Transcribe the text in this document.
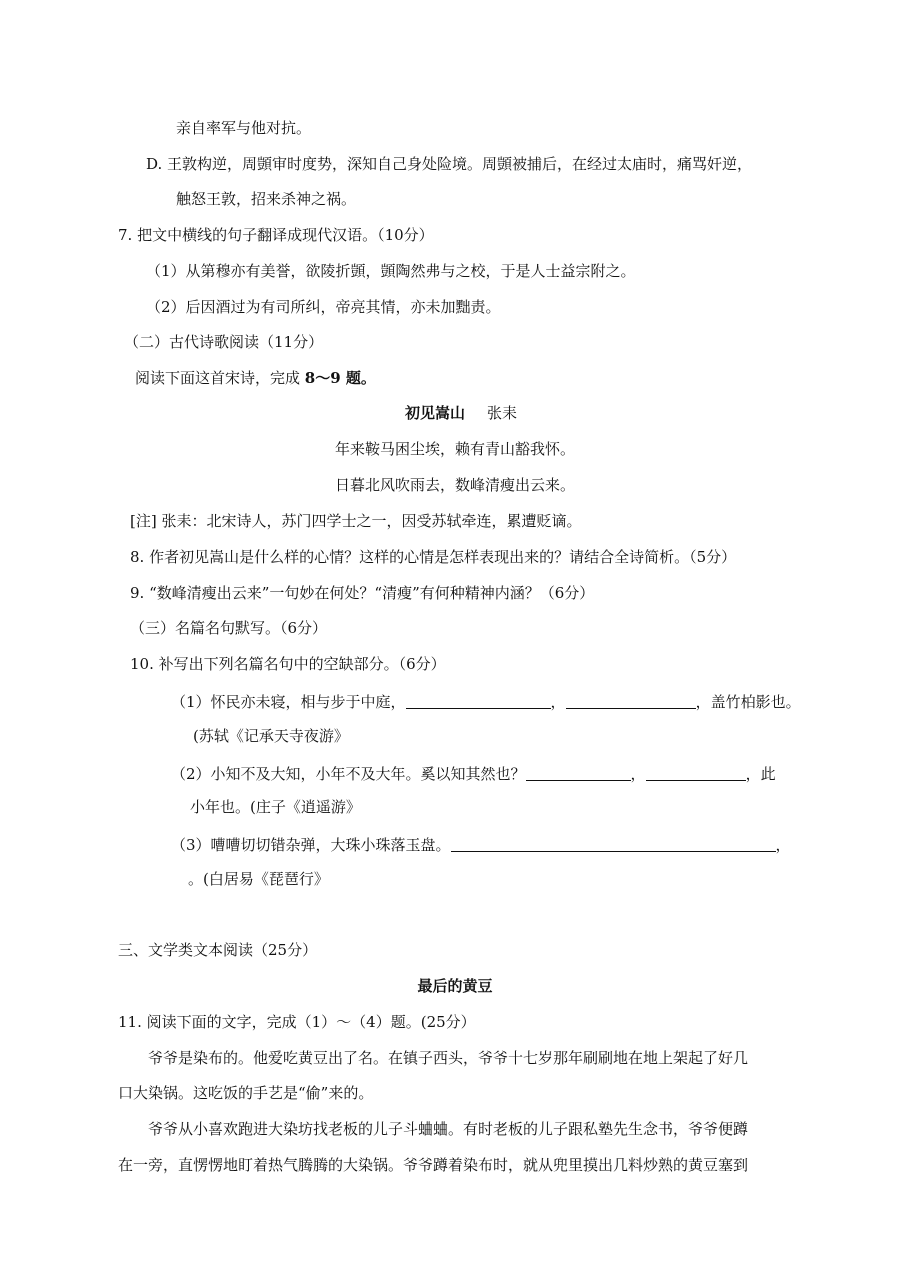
亲自率军与他对抗。
D. 王敦构逆，周顗审时度势，深知自己身处险境。周顗被捕后，在经过太庙时，痛骂奸逆，
触怒王敦，招来杀神之祸。
7. 把文中横线的句子翻译成现代汉语。（10分）
（1）从第穆亦有美誉，欲陵折顗，顗陶然弗与之校，于是人士益宗附之。
（2）后因酒过为有司所纠，帝亮其情，亦未加黜责。
（二）古代诗歌阅读（11分）
阅读下面这首宋诗，完成 8～9 题。
初见嵩山 张耒
年来鞍马困尘埃，赖有青山豁我怀。
日暮北风吹雨去，数峰清瘦出云来。
[注] 张耒：北宋诗人，苏门四学士之一，因受苏轼牵连，累遭贬谪。
8. 作者初见嵩山是什么样的心情？这样的心情是怎样表现出来的？请结合全诗简析。（5分）
9. “数峰清瘦出云来”一句妙在何处？“清瘦”有何种精神内涵？（6分）
（三）名篇名句默写。（6分）
10. 补写出下列名篇名句中的空缺部分。（6分）
（1）怀民亦未寝，相与步于中庭，	，	，盖竹柏影也。
(苏轼《记承天寺夜游》
（2）小知不及大知，小年不及大年。奚以知其然也？	，	，此
小年也。(庄子《逍遥游》
（3）嘈嘈切切错杂弹，大珠小珠落玉盘。	，
。(白居易《琵琶行》
三、文学类文本阅读（25分）
最后的黄豆
11. 阅读下面的文字，完成（1）～（4）题。(25分）
爷爷是染布的。他爱吃黄豆出了名。在镇子西头，爷爷十七岁那年刷刷地在地上架起了好几
口大染锅。这吃饭的手艺是“偷”来的。
爷爷从小喜欢跑进大染坊找老板的儿子斗蛐蛐。有时老板的儿子跟私塾先生念书，爷爷便蹲
在一旁，直愣愣地盯着热气腾腾的大染锅。爷爷蹲着染布时，就从兜里摸出几料炒熟的黄豆塞到
